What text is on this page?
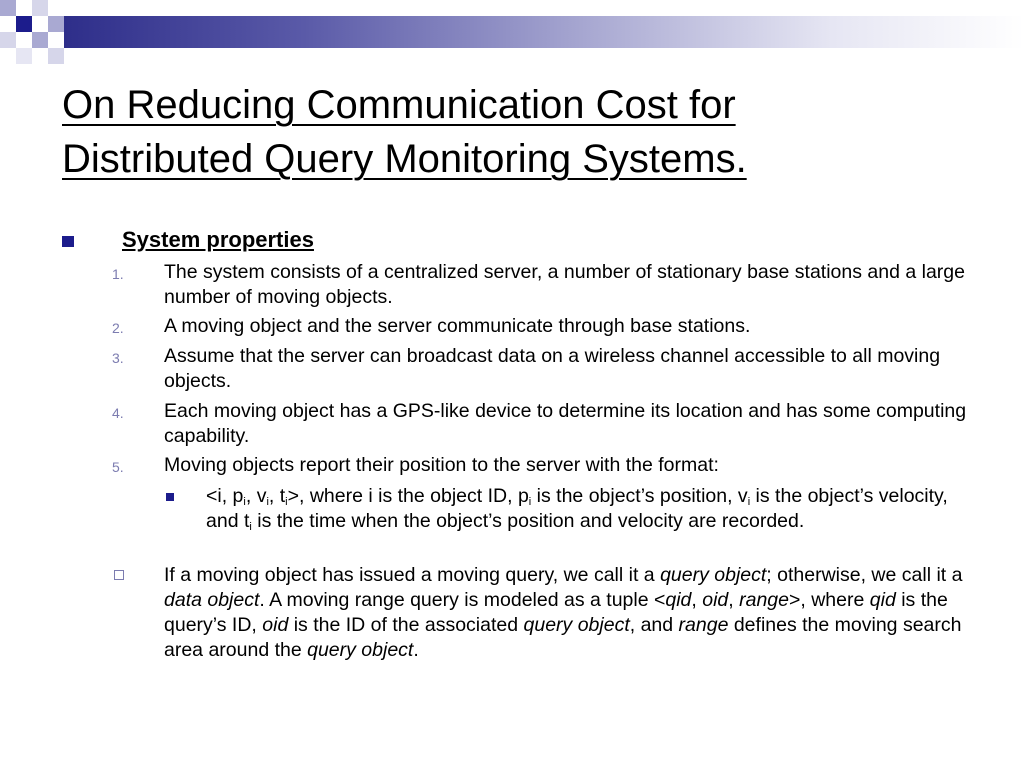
On Reducing Communication Cost for
Distributed Query Monitoring Systems.
System properties
1. The system consists of a centralized server, a number of stationary base stations and a large number of moving objects.
2. A moving object and the server communicate through base stations.
3. Assume that the server can broadcast data on a wireless channel accessible to all moving objects.
4. Each moving object has a GPS-like device to determine its location and has some computing capability.
5. Moving objects report their position to the server with the format:
<i, $p_i$, $v_i$, $t_i>$, where i is the object ID, $p_i$ is the object’s position, $v_i$ is the object’s velocity, and $t_i$ is the time when the object’s position and velocity are recorded.
If a moving object has issued a moving query, we call it a query object; otherwise, we call it a data object. A moving range query is modeled as a tuple <qid, oid, range>, where qid is the query’s ID, oid is the ID of the associated query object, and range defines the moving search area around the query object.
